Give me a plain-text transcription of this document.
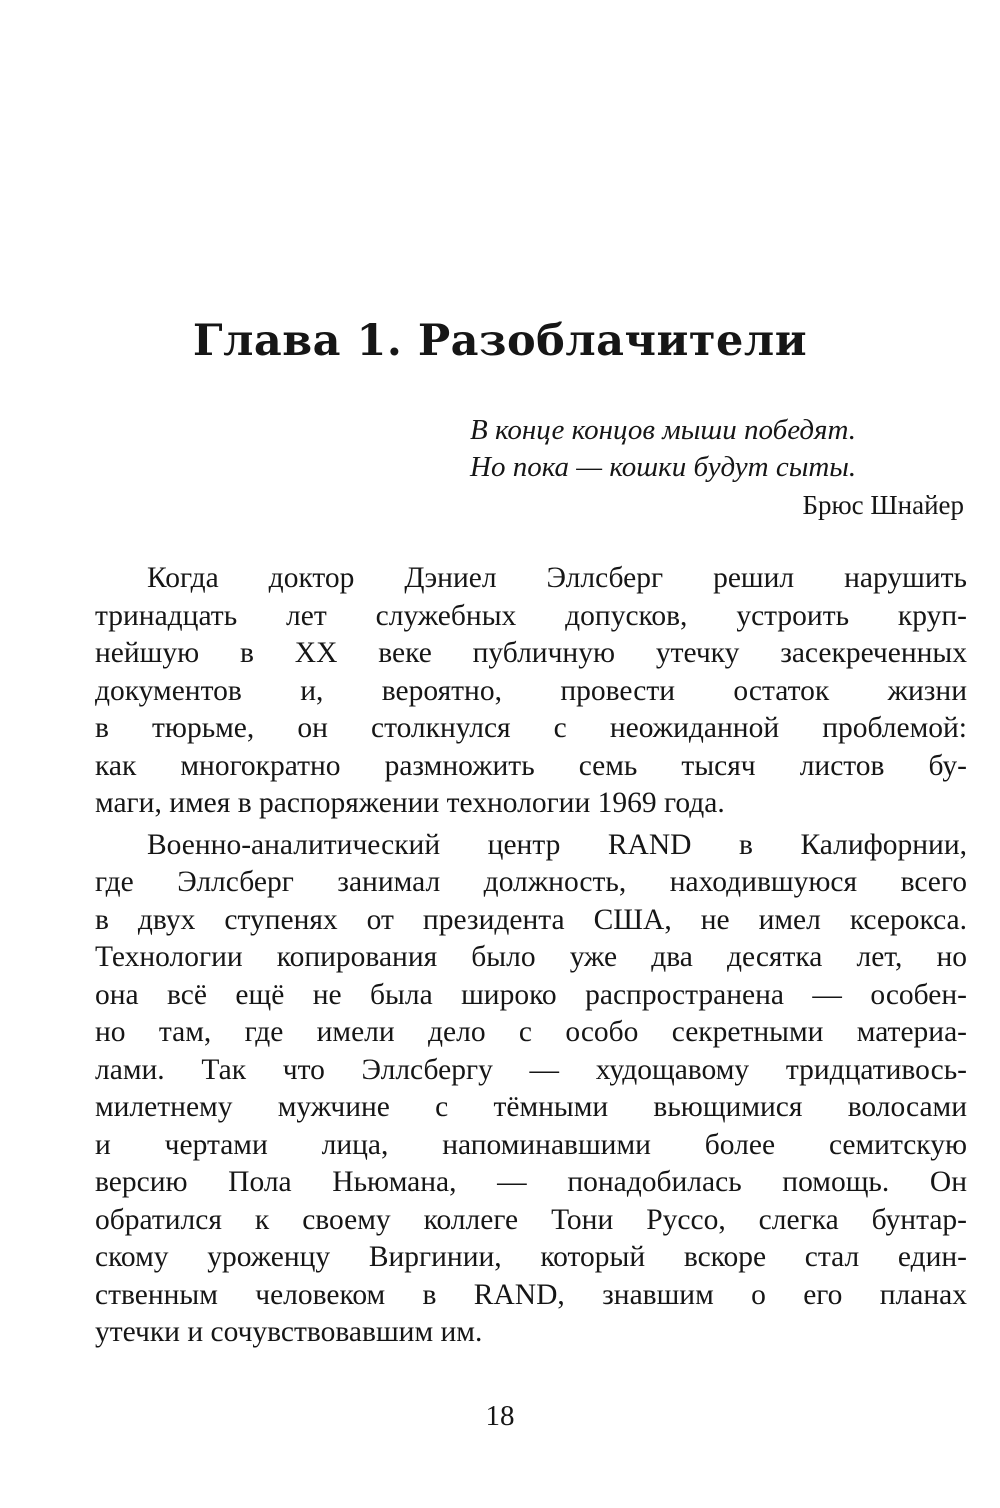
Глава 1. Разоблачители
В конце концов мыши победят.
Но пока — кошки будут сыты.
Брюс Шнайер

Когда доктор Дэниел Эллсберг решил нарушить
тринадцать лет служебных допусков, устроить круп-
нейшую в XX веке публичную утечку засекреченных
документов и, вероятно, провести остаток жизни
в тюрьме, он столкнулся с неожиданной проблемой:
как многократно размножить семь тысяч листов бу-
маги, имея в распоряжении технологии 1969 года.

Военно-аналитический центр RAND в Калифорнии,
где Эллсберг занимал должность, находившуюся всего
в двух ступенях от президента США, не имел ксерокса.
Технологии копирования было уже два десятка лет, но
она всё ещё не была широко распространена — особен-
но там, где имели дело с особо секретными материа-
лами. Так что Эллсбергу — худощавому тридцативось-
милетнему мужчине с тёмными вьющимися волосами
и чертами лица, напоминавшими более семитскую
версию Пола Ньюмана, — понадобилась помощь. Он
обратился к своему коллеге Тони Руссо, слегка бунтар-
скому уроженцу Виргинии, который вскоре стал един-
ственным человеком в RAND, знавшим о его планах
утечки и сочувствовавшим им.

18
